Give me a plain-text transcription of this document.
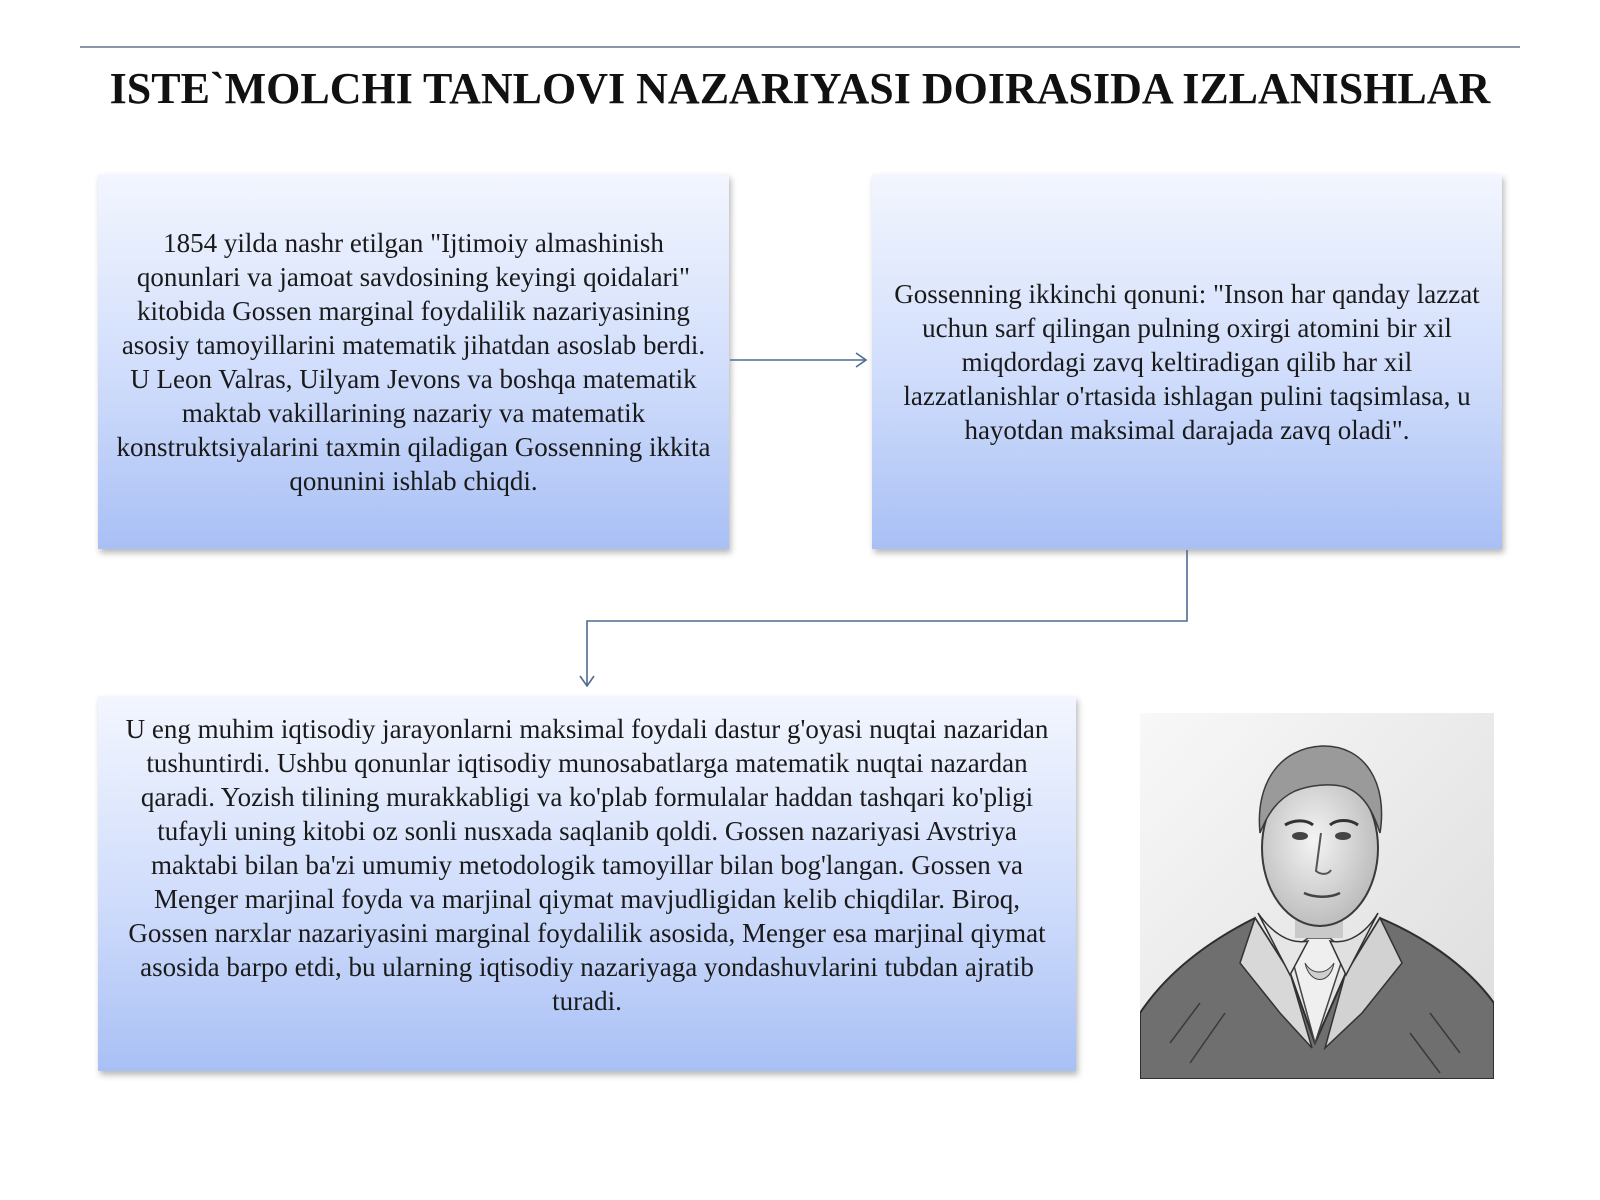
ISTE`MOLCHI TANLOVI NAZARIYASI DOIRASIDA IZLANISHLAR
1854 yilda nashr etilgan "Ijtimoiy almashinish qonunlari va jamoat savdosining keyingi qoidalari" kitobida Gossen marginal foydalilik nazariyasining asosiy tamoyillarini matematik jihatdan asoslab berdi. U Leon Valras, Uilyam Jevons va boshqa matematik maktab vakillarining nazariy va matematik konstruktsiyalarini taxmin qiladigan Gossenning ikkita qonunini ishlab chiqdi.
Gossenning ikkinchi qonuni: "Inson har qanday lazzat uchun sarf qilingan pulning oxirgi atomini bir xil miqdordagi zavq keltiradigan qilib har xil lazzatlanishlar o'rtasida ishlagan pulini taqsimlasa, u hayotdan maksimal darajada zavq oladi".
U eng muhim iqtisodiy jarayonlarni maksimal foydali dastur g'oyasi nuqtai nazaridan tushuntirdi. Ushbu qonunlar iqtisodiy munosabatlarga matematik nuqtai nazardan qaradi. Yozish tilining murakkabligi va ko'plab formulalar haddan tashqari ko'pligi tufayli uning kitobi oz sonli nusxada saqlanib qoldi. Gossen nazariyasi Avstriya maktabi bilan ba'zi umumiy metodologik tamoyillar bilan bog'langan. Gossen va Menger marjinal foyda va marjinal qiymat mavjudligidan kelib chiqdilar. Biroq, Gossen narxlar nazariyasini marginal foydalilik asosida, Menger esa marjinal qiymat asosida barpo etdi, bu ularning iqtisodiy nazariyaga yondashuvlarini tubdan ajratib turadi.
